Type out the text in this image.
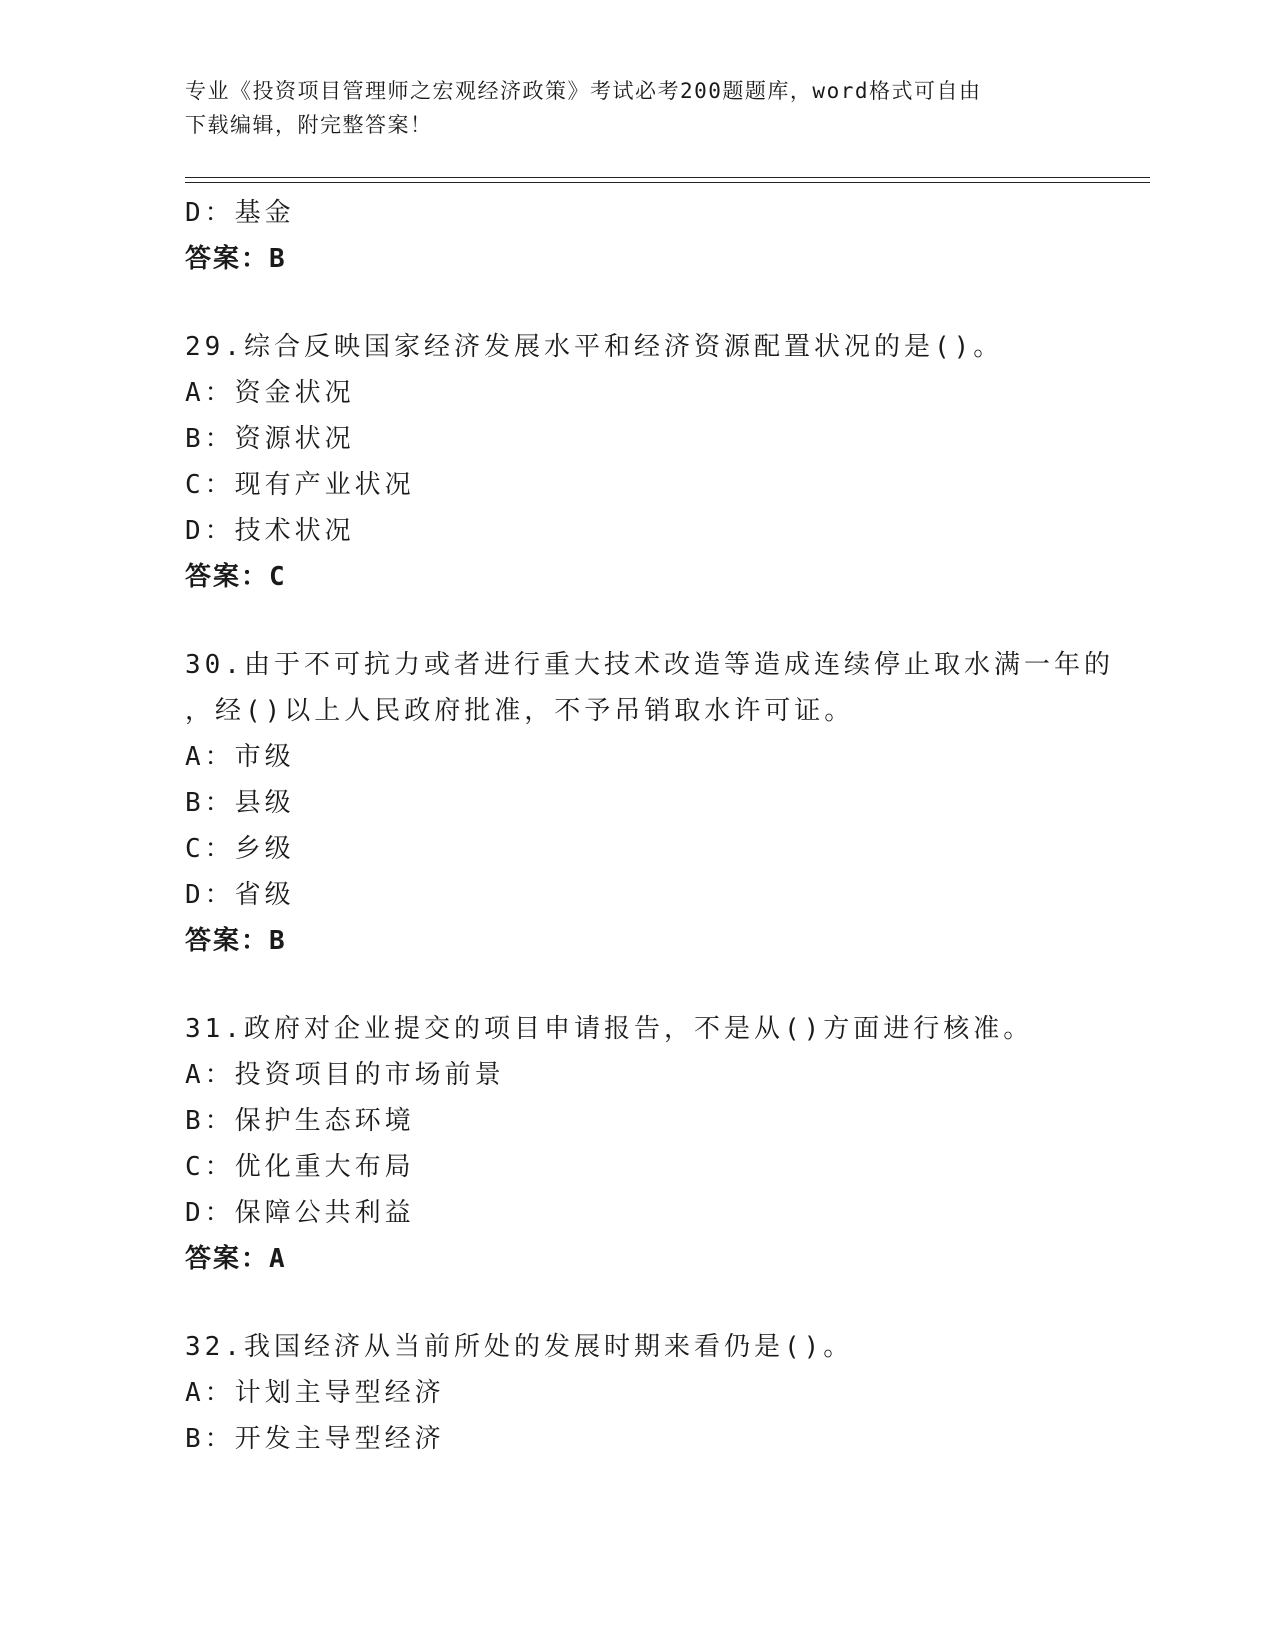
专业《投资项目管理师之宏观经济政策》考试必考200题题库，word格式可自由
下载编辑，附完整答案！
D：基金
答案：B
29.综合反映国家经济发展水平和经济资源配置状况的是()。
A：资金状况
B：资源状况
C：现有产业状况
D：技术状况
答案：C
30.由于不可抗力或者进行重大技术改造等造成连续停止取水满一年的
，经()以上人民政府批准，不予吊销取水许可证。
A：市级
B：县级
C：乡级
D：省级
答案：B
31.政府对企业提交的项目申请报告，不是从()方面进行核准。
A：投资项目的市场前景
B：保护生态环境
C：优化重大布局
D：保障公共利益
答案：A
32.我国经济从当前所处的发展时期来看仍是()。
A：计划主导型经济
B：开发主导型经济
